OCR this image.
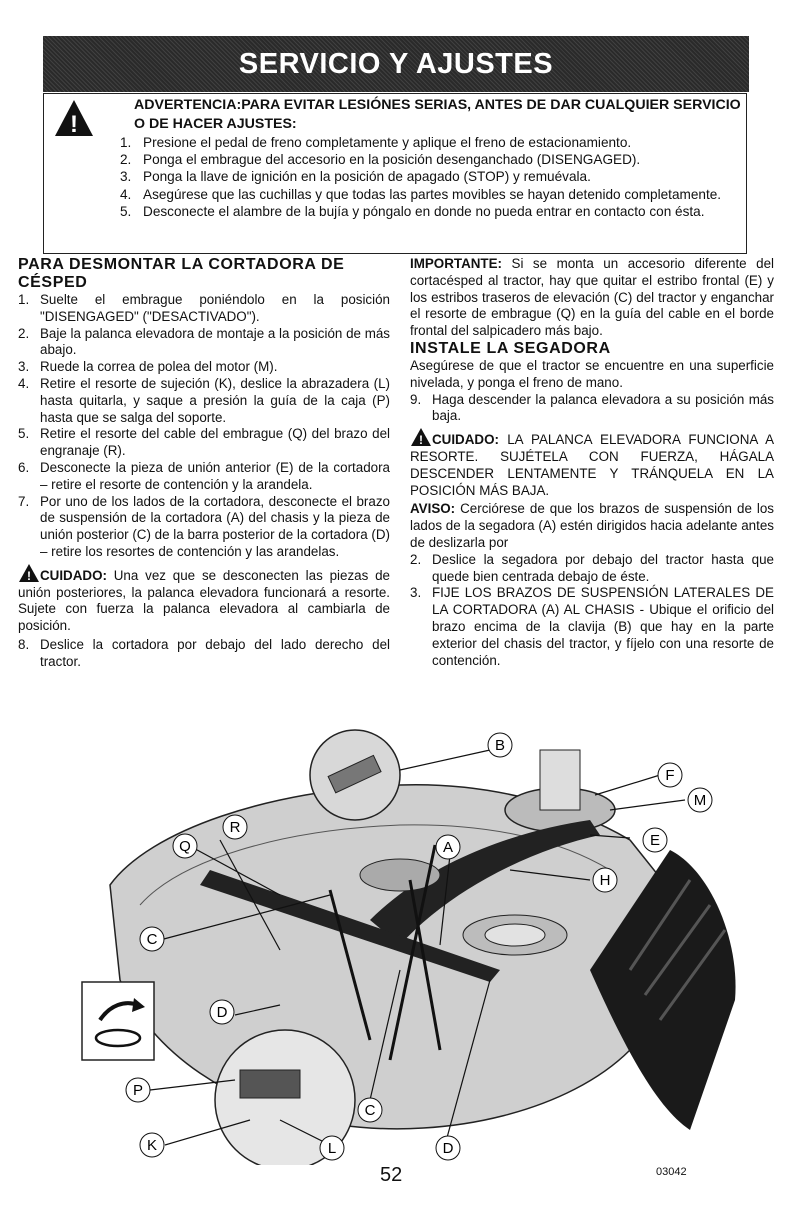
SERVICIO Y AJUSTES
!
ADVERTENCIA:PARA EVITAR LESIÓNES SERIAS, ANTES DE DAR CUALQUIER SERVICIO O DE HACER AJUSTES:
1. Presione el pedal de freno completamente y aplique el freno de estacionamiento.
2. Ponga el embrague del accesorio en la posición desenganchado (DISENGAGED).
3. Ponga la llave de ignición en la posición de apagado (STOP) y remuévala.
4. Asegúrese que las cuchillas y que todas las partes movibles se hayan detenido completamente.
5. Desconecte el alambre de la bujía y póngalo en donde no pueda entrar en contacto con ésta.
PARA DESMONTAR LA CORTADORA DE CÉSPED
1. Suelte el embrague poniéndolo en la posición "DISENGAGED" ("DESACTIVADO").
2. Baje la palanca elevadora de montaje a la posición de más abajo.
3. Ruede la correa de polea del motor (M).
4. Retire el resorte de sujeción (K), deslice la abrazadera (L) hasta quitarla, y saque a presión la guía de la caja (P) hasta que se salga del soporte.
5. Retire el resorte del cable del embrague (Q) del brazo del engranaje (R).
6. Desconecte la pieza de unión anterior (E) de la cortadora – retire el resorte de contención y la arandela.
7. Por uno de los lados de la cortadora, desconecte el brazo de suspensión de la cortadora (A) del chasis y la pieza de unión posterior (C) de la barra posterior de la cortadora (D) – retire los resortes de contención y las arandelas.

! CUIDADO: Una vez que se desconecten las piezas de unión posteriores, la palanca elevadora funcionará a resorte. Sujete con fuerza la palanca elevadora al cambiarla de posición.

8. Deslice la cortadora por debajo del lado derecho del tractor.

IMPORTANTE: Si se monta un accesorio diferente del cortacésped al tractor, hay que quitar el estribo frontal (E) y los estribos traseros de elevación (C) del tractor y enganchar el resorte de embrague (Q) en la guía del cable en el borde frontal del salpicadero más bajo.

INSTALE LA SEGADORA

Asegúrese de que el tractor se encuentre en una superficie nivelada, y ponga el freno de mano.

9. Haga descender la palanca elevadora a su posición más baja.

! CUIDADO: LA PALANCA ELEVADORA FUNCIONA A RESORTE. SUJÉTELA CON FUERZA, HÁGALA DESCENDER LENTAMENTE Y TRÁNQUELA EN LA POSICIÓN MÁS BAJA.

AVISO: Cerciórese de que los brazos de suspensión de los lados de la segadora (A) estén dirigidos hacia adelante antes de deslizarla por

2. Deslice la segadora por debajo del tractor hasta que quede bien centrada debajo de éste.
3. FIJE LOS BRAZOS DE SUSPENSIÓN LATERALES DE LA CORTADORA (A) AL CHASIS - Ubique el orificio del brazo encima de la clavija (B) que hay en la parte exterior del chasis del tractor, y fíjelo con una resorte de contención.
B
F
M
E
H
R
Q	A
C
D
P
K	L
C
D
03042
52
